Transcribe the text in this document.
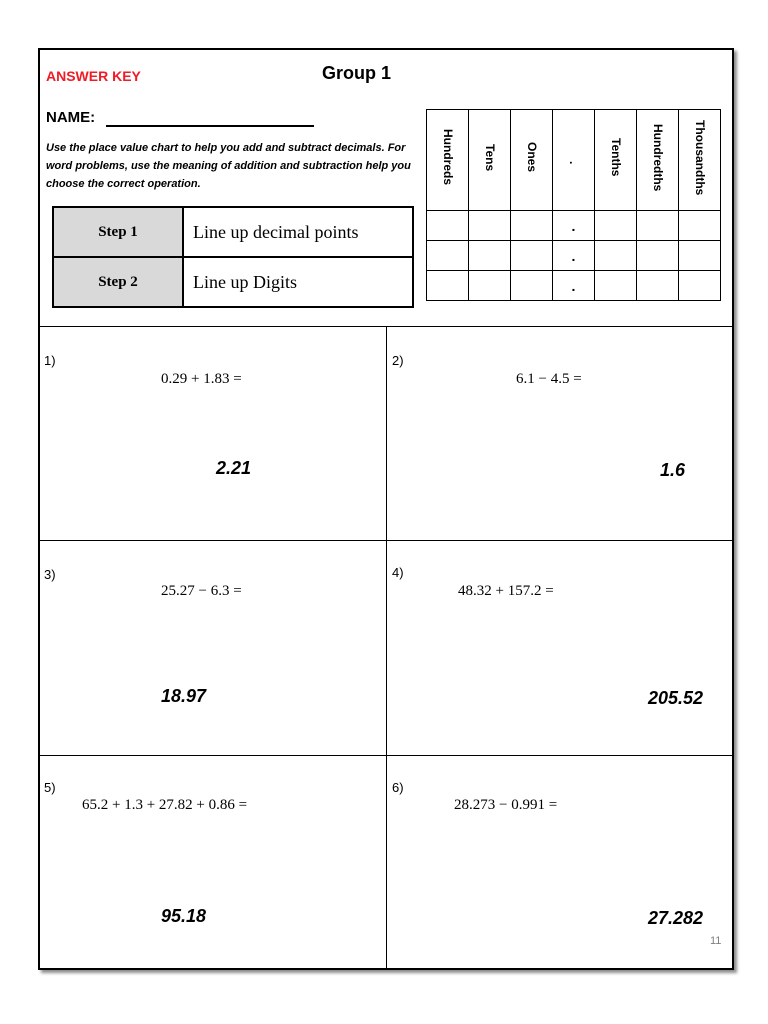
ANSWER KEY	Group 1
NAME:
Use the place value chart to help you add and subtract decimals. For word problems, use the meaning of addition and subtraction help you choose the correct operation.
Step 1	Line up decimal points
Step 2	Line up Digits
Hundreds	Tens	Ones	.	Tenths	Hundredths	Thousandths
			.			
			.			
			.			
1)
0.29 + 1.83 =
2.21
2)
6.1 − 4.5 =
1.6
3)
25.27 − 6.3 =
18.97
4)
48.32 + 157.2 =
205.52
5)
65.2 + 1.3 + 27.82 + 0.86 =
95.18
6)
28.273 − 0.991 =
27.282
11
